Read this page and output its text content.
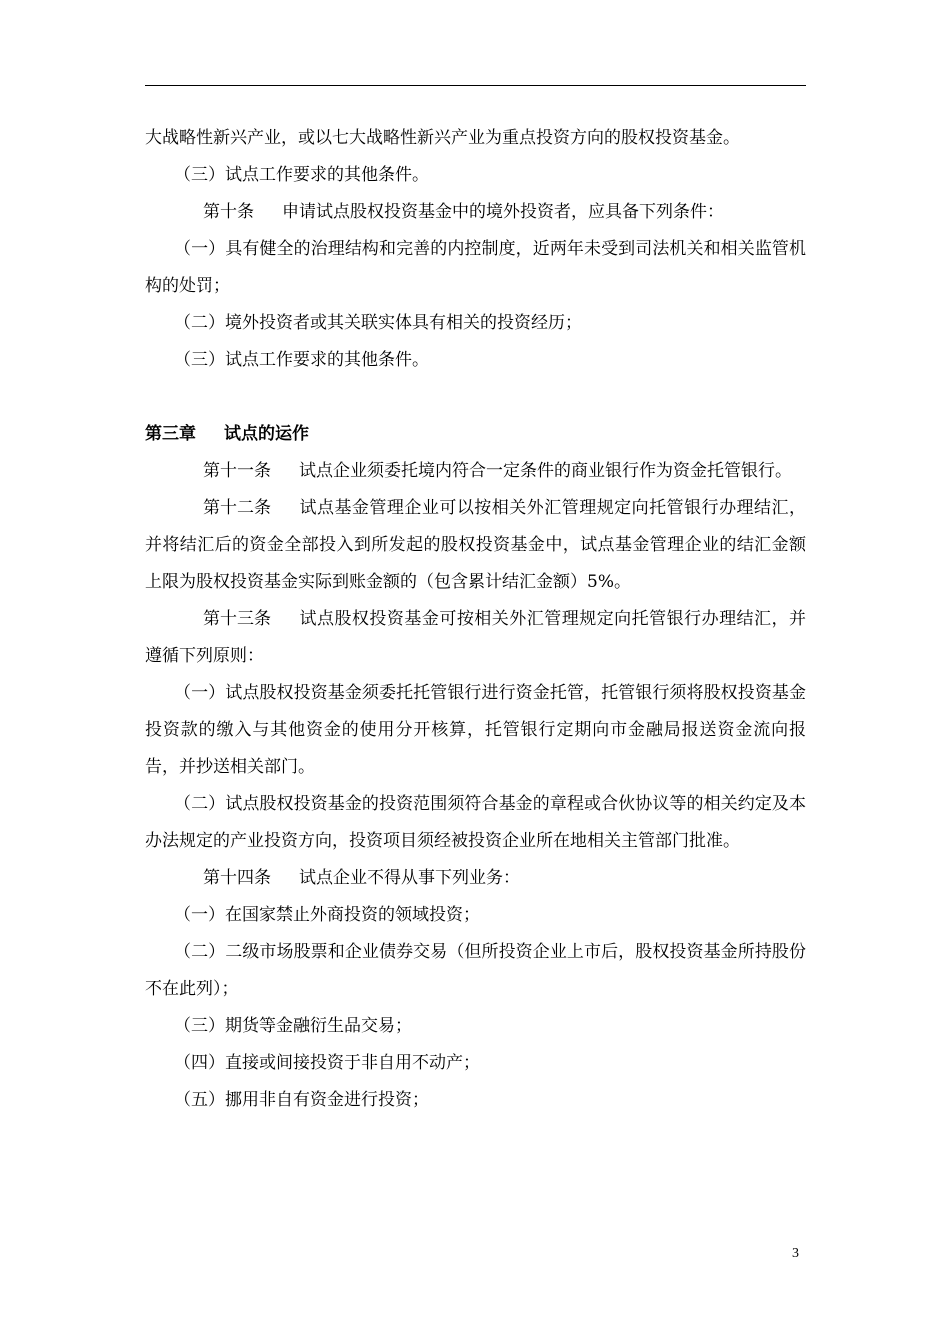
大战略性新兴产业，或以七大战略性新兴产业为重点投资方向的股权投资基金。

（三）试点工作要求的其他条件。

第十条 申请试点股权投资基金中的境外投资者，应具备下列条件：

（一）具有健全的治理结构和完善的内控制度，近两年未受到司法机关和相关监管机构的处罚；

（二）境外投资者或其关联实体具有相关的投资经历；

（三）试点工作要求的其他条件。

第三章 试点的运作

第十一条 试点企业须委托境内符合一定条件的商业银行作为资金托管银行。

第十二条 试点基金管理企业可以按相关外汇管理规定向托管银行办理结汇，并将结汇后的资金全部投入到所发起的股权投资基金中，试点基金管理企业的结汇金额上限为股权投资基金实际到账金额的（包含累计结汇金额）5%。

第十三条 试点股权投资基金可按相关外汇管理规定向托管银行办理结汇，并遵循下列原则：

（一）试点股权投资基金须委托托管银行进行资金托管，托管银行须将股权投资基金投资款的缴入与其他资金的使用分开核算，托管银行定期向市金融局报送资金流向报告，并抄送相关部门。

（二）试点股权投资基金的投资范围须符合基金的章程或合伙协议等的相关约定及本办法规定的产业投资方向，投资项目须经被投资企业所在地相关主管部门批准。

第十四条 试点企业不得从事下列业务：

（一）在国家禁止外商投资的领域投资；

（二）二级市场股票和企业债券交易（但所投资企业上市后，股权投资基金所持股份不在此列）；

（三）期货等金融衍生品交易；

（四）直接或间接投资于非自用不动产；

（五）挪用非自有资金进行投资；

3
